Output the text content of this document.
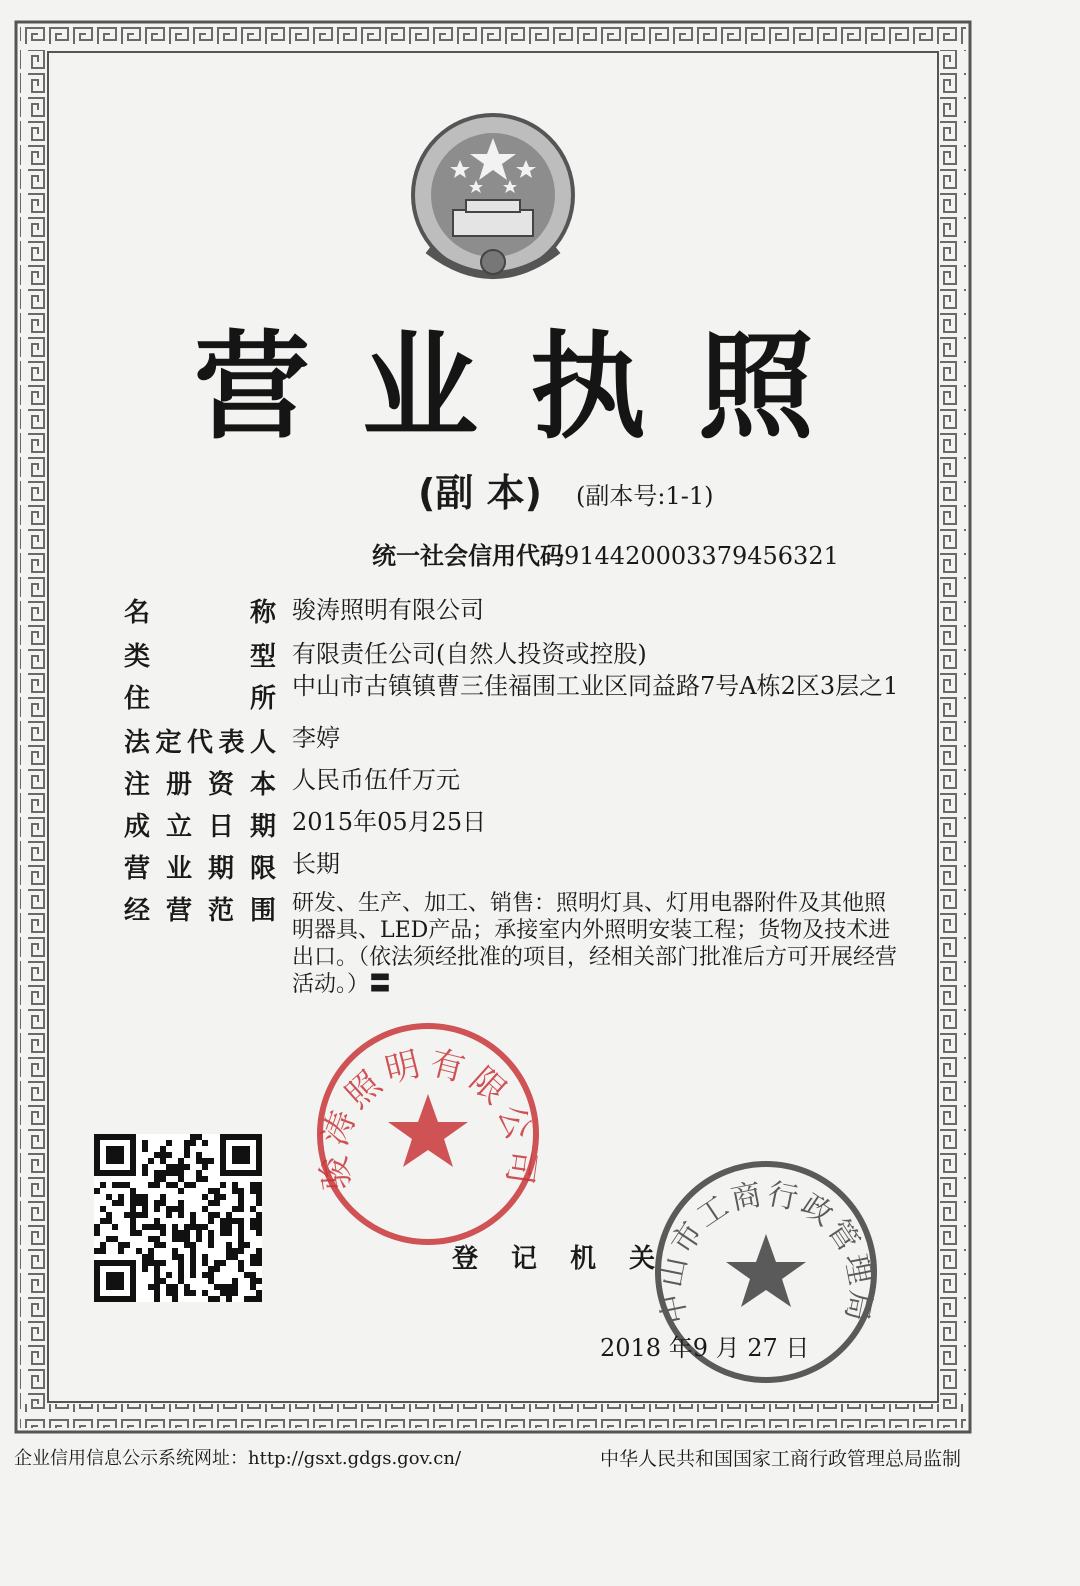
营业执照
(副 本) (副本号:1-1)
统一社会信用代码914420003379456321
名称 骏涛照明有限公司
类型 有限责任公司(自然人投资或控股)
住所 中山市古镇镇曹三佳福围工业区同益路7号A栋2区3层之1
法定代表人 李婷
注册资本 人民币伍仟万元
成立日期 2015年05月25日
营业期限 长期
经营范围 研发、生产、加工、销售：照明灯具、灯用电器附件及其他照明器具、LED产品；承接室内外照明安装工程；货物及技术进出口。（依法须经批准的项目，经相关部门批准后方可开展经营活动。）〓
骏涛照明有限公司
登 记 机 关
中山市工商行政管理局
2018 年9 月 27 日
企业信用信息公示系统网址：http://gsxt.gdgs.gov.cn/	中华人民共和国国家工商行政管理总局监制
